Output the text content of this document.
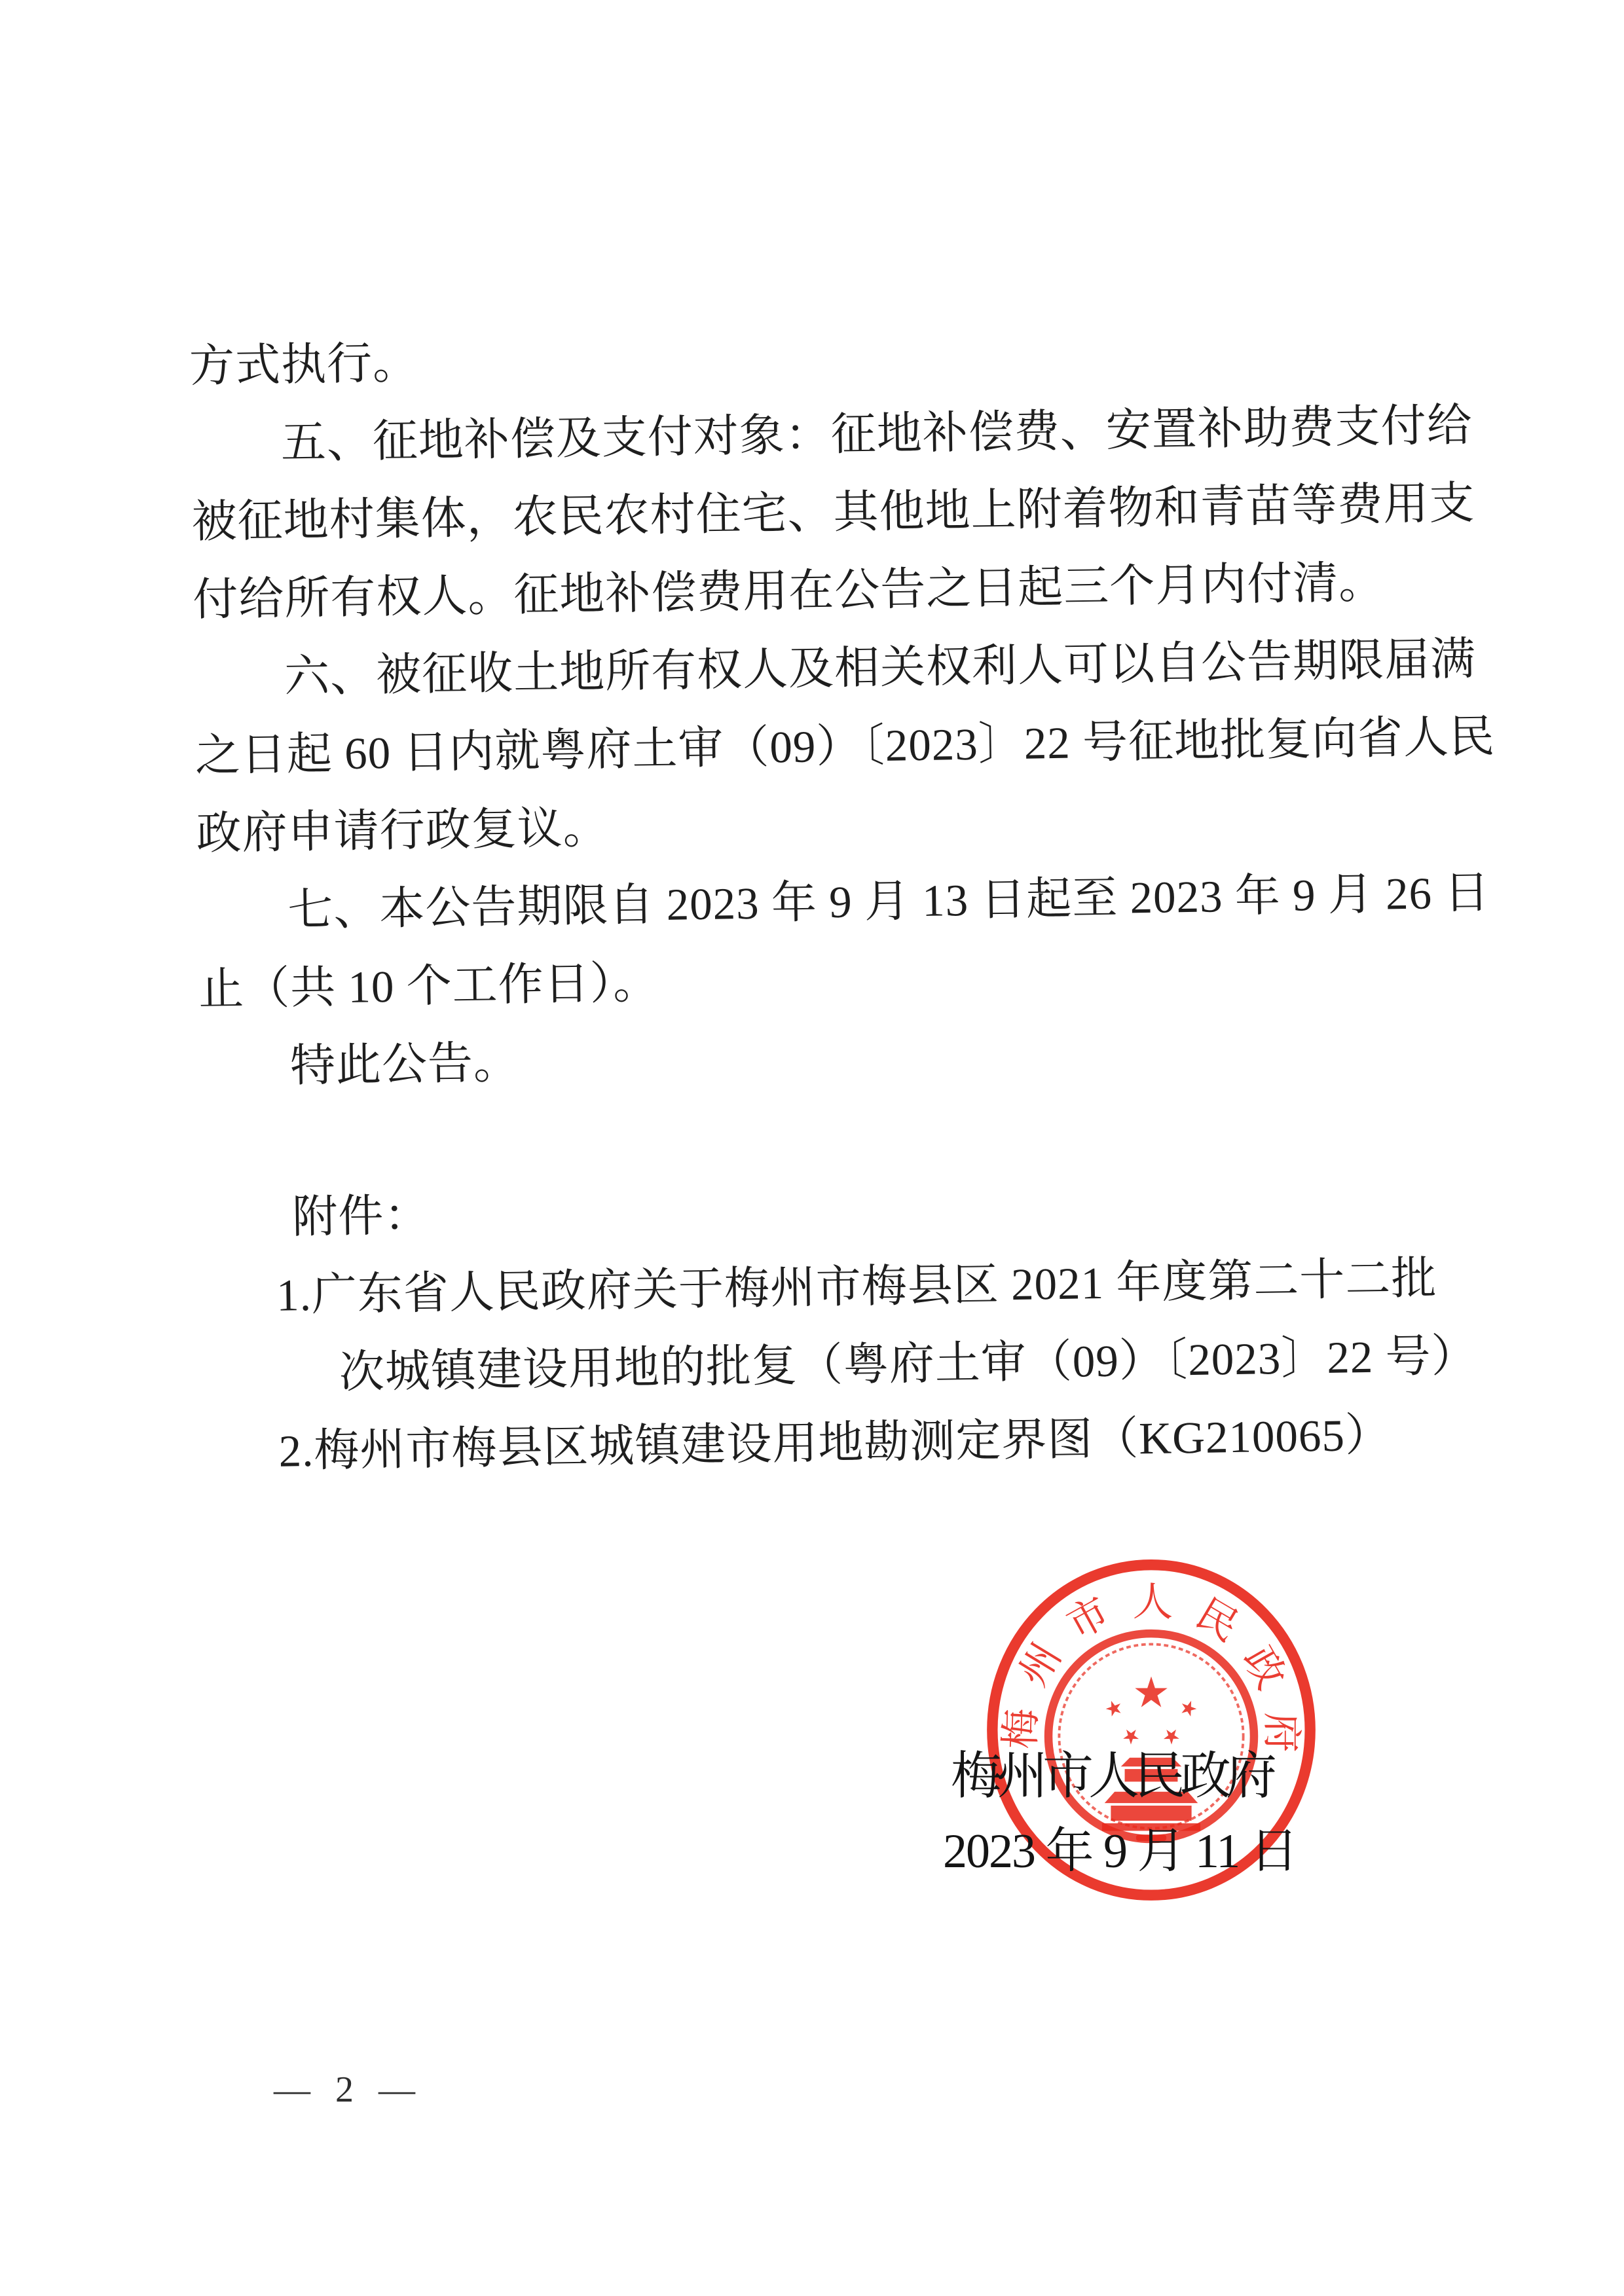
方式执行。
五、征地补偿及支付对象：征地补偿费、安置补助费支付给
被征地村集体，农民农村住宅、其他地上附着物和青苗等费用支
付给所有权人。征地补偿费用在公告之日起三个月内付清。
六、被征收土地所有权人及相关权利人可以自公告期限届满
之日起 60 日内就粤府土审（09）〔2023〕22 号征地批复向省人民
政府申请行政复议。
七、本公告期限自 2023 年 9 月 13 日起至 2023 年 9 月 26 日
止（共 10 个工作日）。
特此公告。
附件：
1.广东省人民政府关于梅州市梅县区 2021 年度第二十二批
次城镇建设用地的批复（粤府土审（09）〔2023〕22 号）
2.梅州市梅县区城镇建设用地勘测定界图（KG210065）
梅州市人民政府
梅州市人民政府
2023 年 9 月 11 日
— 2 —
